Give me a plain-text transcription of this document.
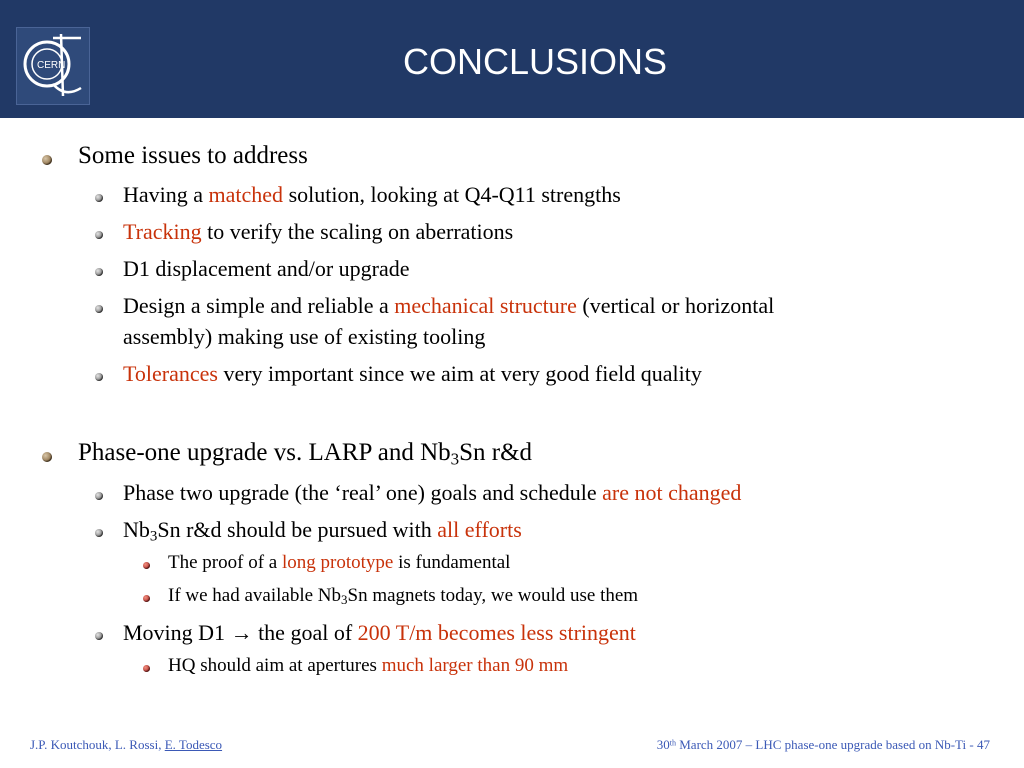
CERN	CONCLUSIONS
Some issues to address
Having a matched solution, looking at Q4-Q11 strengths
Tracking to verify the scaling on aberrations
D1 displacement and/or upgrade
Design a simple and reliable a mechanical structure (vertical or horizontal
assembly) making use of existing tooling
Tolerances very important since we aim at very good field quality
Phase-one upgrade vs. LARP and $Nb_3Sn$ r&d
Phase two upgrade (the ‘real’ one) goals and schedule are not changed
$Nb_3Sn$ r&d should be pursued with all efforts
The proof of a long prototype is fundamental
If we had available $Nb_3Sn$ magnets today, we would use them
Moving D1 → the goal of 200 T/m becomes less stringent
HQ should aim at apertures much larger than 90 mm
J.P. Koutchouk, L. Rossi, E. Todesco	30th March 2007 – LHC phase-one upgrade based on Nb-Ti - 47
